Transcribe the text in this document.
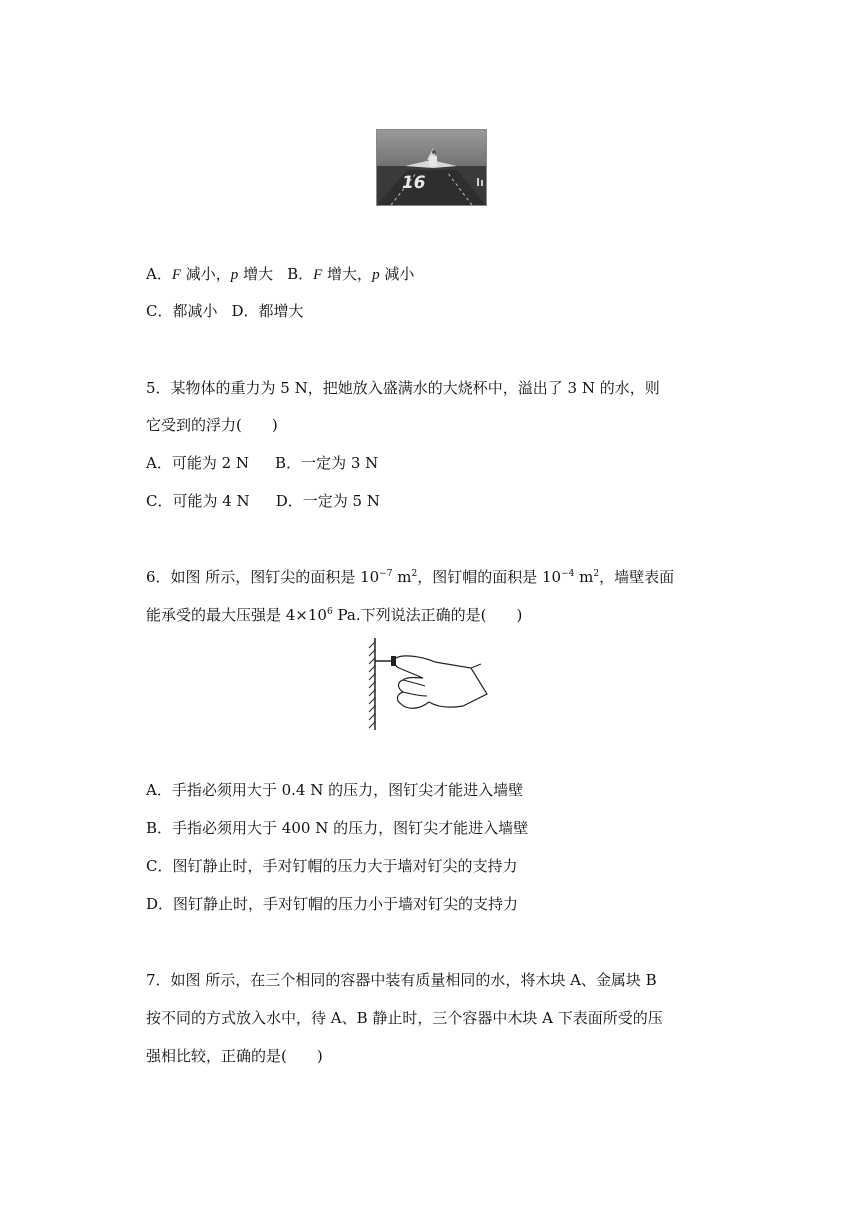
16
A．F 减小，p 增大 B．F 增大，p 减小
C．都减小 D．都增大
5．某物体的重力为 5 N，把她放入盛满水的大烧杯中，溢出了 3 N 的水，则
它受到的浮力(　　)
A．可能为 2 N B．一定为 3 N
C．可能为 4 N D．一定为 5 N
6．如图 所示，图钉尖的面积是 $10^{-7}$ $m^2$，图钉帽的面积是 $10^{-4}$ $m^2$，墙壁表面
能承受的最大压强是 $4\times 10^6$ Pa.下列说法正确的是(　　)
A．手指必须用大于 0.4 N 的压力，图钉尖才能进入墙壁
B．手指必须用大于 400 N 的压力，图钉尖才能进入墙壁
C．图钉静止时，手对钉帽的压力大于墙对钉尖的支持力
D．图钉静止时，手对钉帽的压力小于墙对钉尖的支持力
7．如图 所示，在三个相同的容器中装有质量相同的水，将木块 A、金属块 B
按不同的方式放入水中，待 A、B 静止时，三个容器中木块 A 下表面所受的压
强相比较，正确的是(　　)
